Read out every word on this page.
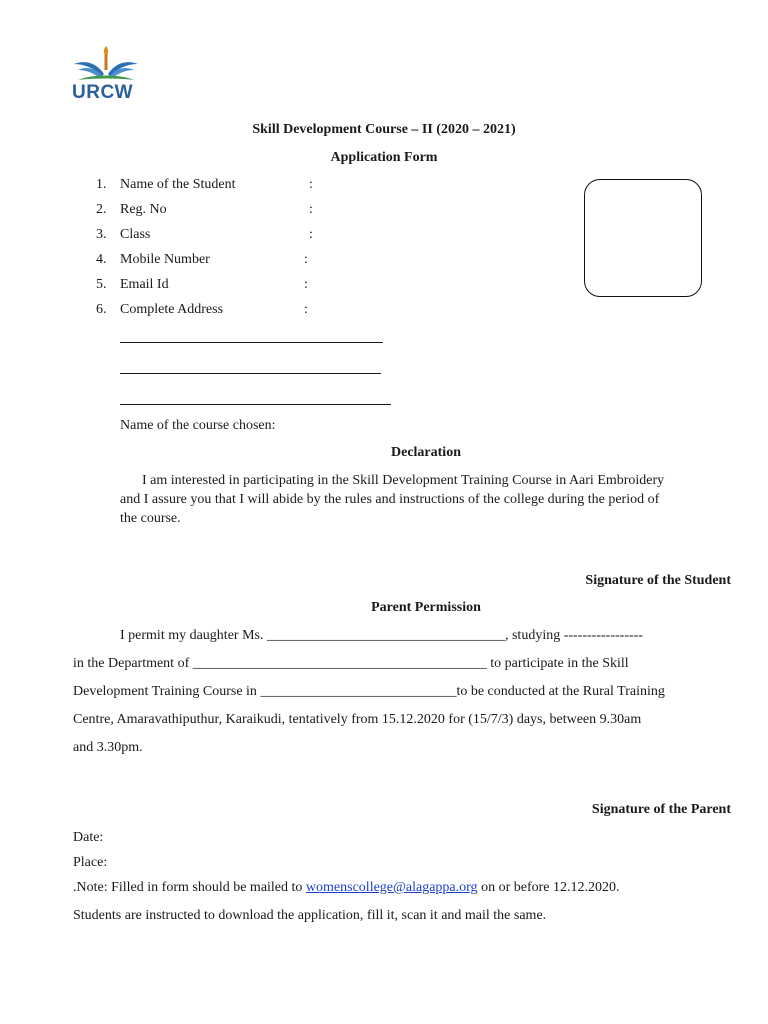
URCW
Skill Development Course – II (2020 – 2021)
Application Form
1. Name of the Student	:
2. Reg. No	:
3. Class	:
4. Mobile Number	:
5. Email Id	:
6. Complete Address	:
Name of the course chosen:
Declaration
I am interested in participating in the Skill Development Training Course in Aari Embroidery
and I assure you that I will abide by the rules and instructions of the college during the period of
the course.
Signature of the Student
Parent Permission
I permit my daughter Ms. __________________________________, studying -----------------
in the Department of __________________________________________ to participate in the Skill
Development Training Course in ____________________________to be conducted at the Rural Training
Centre, Amaravathiputhur, Karaikudi, tentatively from 15.12.2020 for (15/7/3) days, between 9.30am
and 3.30pm.
Signature of the Parent
Date:
Place:
.Note: Filled in form should be mailed to womenscollege@alagappa.org on or before 12.12.2020.
Students are instructed to download the application, fill it, scan it and mail the same.
